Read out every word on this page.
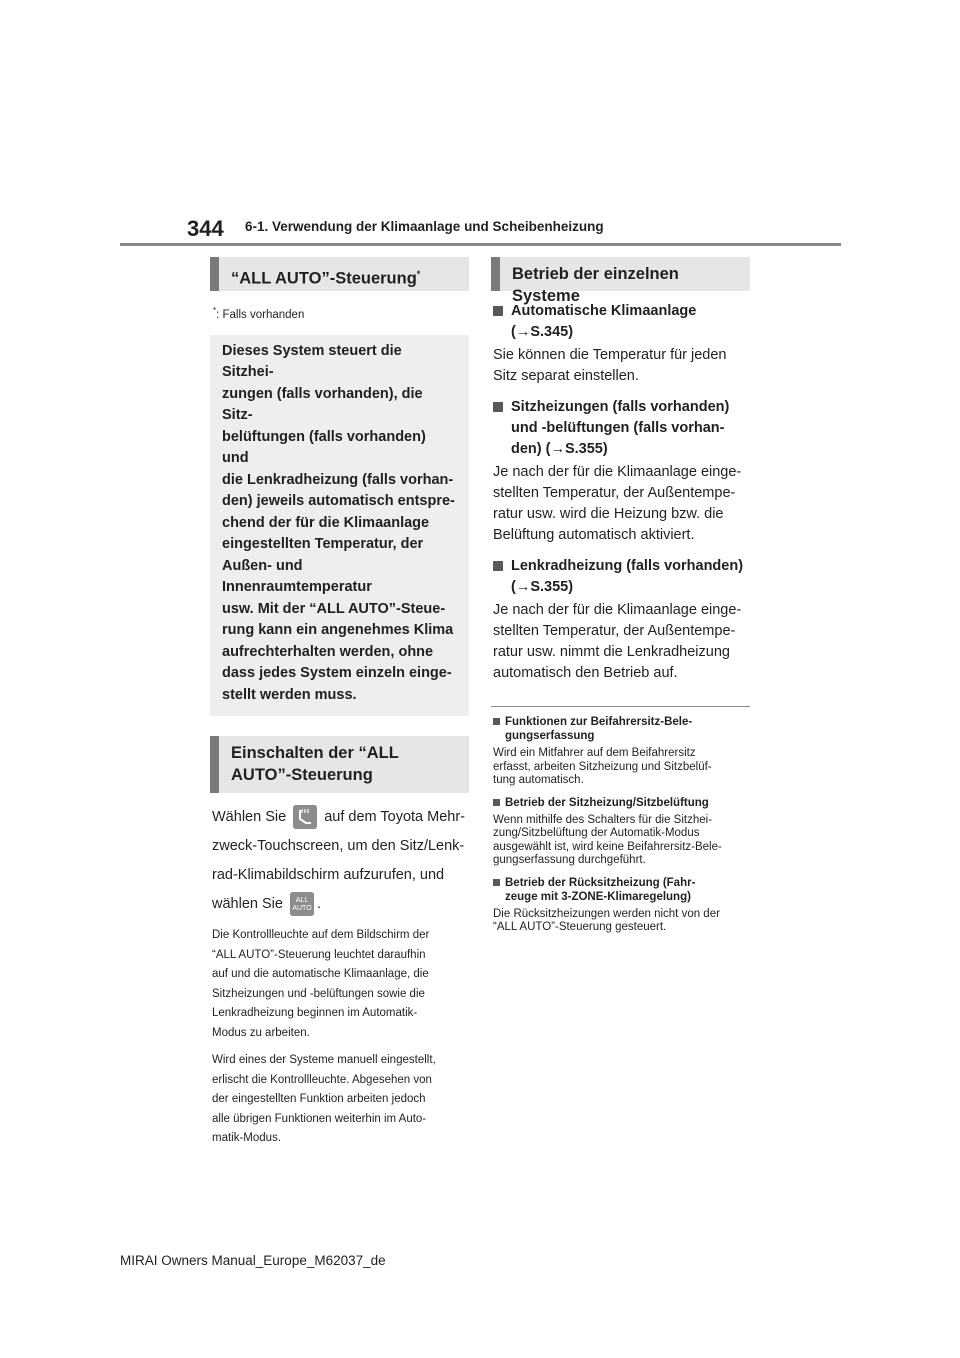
344 6-1. Verwendung der Klimaanlage und Scheibenheizung
“ALL AUTO”-Steuerung*
*: Falls vorhanden

Dieses System steuert die Sitzhei-

zungen (falls vorhanden), die Sitz-

belüftungen (falls vorhanden) und

die Lenkradheizung (falls vorhan-

den) jeweils automatisch entspre-

chend der für die Klimaanlage

eingestellten Temperatur, der

Außen- und Innenraumtemperatur

usw. Mit der “ALL AUTO”-Steue-

rung kann ein angenehmes Klima

aufrechterhalten werden, ohne

dass jedes System einzeln einge-

stellt werden muss.

Einschalten der “ALL AUTO”-Steuerung
Wählen Sie	auf dem Toyota Mehr-
zweck-Touchscreen, um den Sitz/Lenk-
rad-Klimabildschirm aufzurufen, und
wählen Sie ALL
AUTO .
Die Kontrollleuchte auf dem Bildschirm der
“ALL AUTO”-Steuerung leuchtet daraufhin
auf und die automatische Klimaanlage, die
Sitzheizungen und -belüftungen sowie die
Lenkradheizung beginnen im Automatik-
Modus zu arbeiten.
Wird eines der Systeme manuell eingestellt,
erlischt die Kontrollleuchte. Abgesehen von
der eingestellten Funktion arbeiten jedoch
alle übrigen Funktionen weiterhin im Auto-
matik-Modus.
Betrieb der einzelnen Systeme
Automatische Klimaanlage
(→S.345)
Sie können die Temperatur für jeden
Sitz separat einstellen.
Sitzheizungen (falls vorhanden)
und -belüftungen (falls vorhan-
den) (→S.355)
Je nach der für die Klimaanlage einge-
stellten Temperatur, der Außentempe-
ratur usw. wird die Heizung bzw. die
Belüftung automatisch aktiviert.
Lenkradheizung (falls vorhanden)
(→S.355)
Je nach der für die Klimaanlage einge-
stellten Temperatur, der Außentempe-
ratur usw. nimmt die Lenkradheizung
automatisch den Betrieb auf.
Funktionen zur Beifahrersitz-Bele-
gungserfassung
Wird ein Mitfahrer auf dem Beifahrersitz
erfasst, arbeiten Sitzheizung und Sitzbelüf-
tung automatisch.
Betrieb der Sitzheizung/Sitzbelüftung
Wenn mithilfe des Schalters für die Sitzhei-
zung/Sitzbelüftung der Automatik-Modus
ausgewählt ist, wird keine Beifahrersitz-Bele-
gungserfassung durchgeführt.
Betrieb der Rücksitzheizung (Fahr-
zeuge mit 3-ZONE-Klimaregelung)
Die Rücksitzheizungen werden nicht von der
“ALL AUTO”-Steuerung gesteuert.
MIRAI Owners Manual_Europe_M62037_de
